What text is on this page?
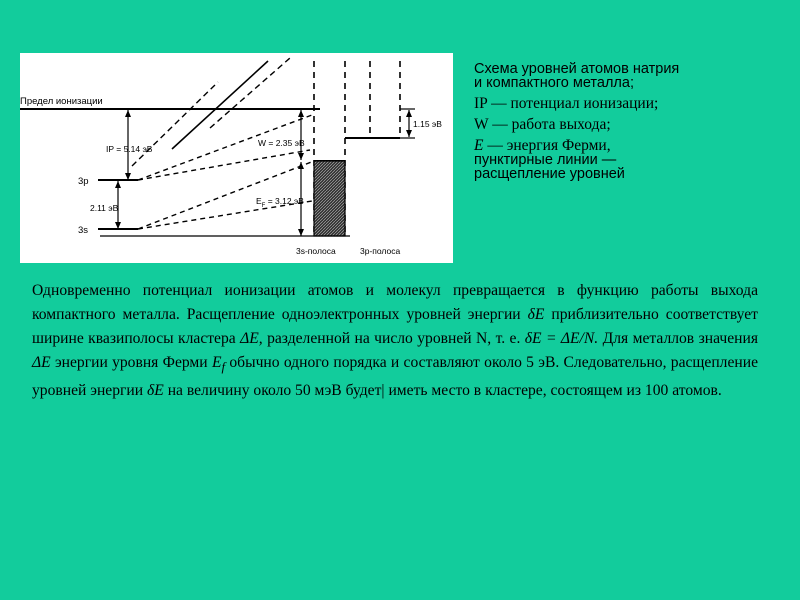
Предел ионизации
IP = 5.14 эВ
3p
2.11 эВ
3s
W = 2.35 эВ
$E_F = 3.12$ эВ
1.15 эВ
3s-полоса	3p-полоса

Схема уровней атомов натрия
и компактного металла;

IP — потенциал ионизации;

W — работа выхода;

E — энергия Ферми,
пунктирные линии —
расщепление уровней

Одновременно потенциал ионизации атомов и молекул превращается в функцию работы выхода компактного металла. Расщепление одноэлектронных уровней энергии δE приблизительно соответствует ширине квазиполосы кластера ΔE, разделенной на число уровней N, т. е. δE = ΔE/N. Для металлов значения ΔE энергии уровня Ферми $E_f$ обычно одного порядка и составляют около 5 эВ. Следовательно, расщепление уровней энергии δE на величину около 50 мэВ будет| иметь место в кластере, состоящем из 100 атомов.
